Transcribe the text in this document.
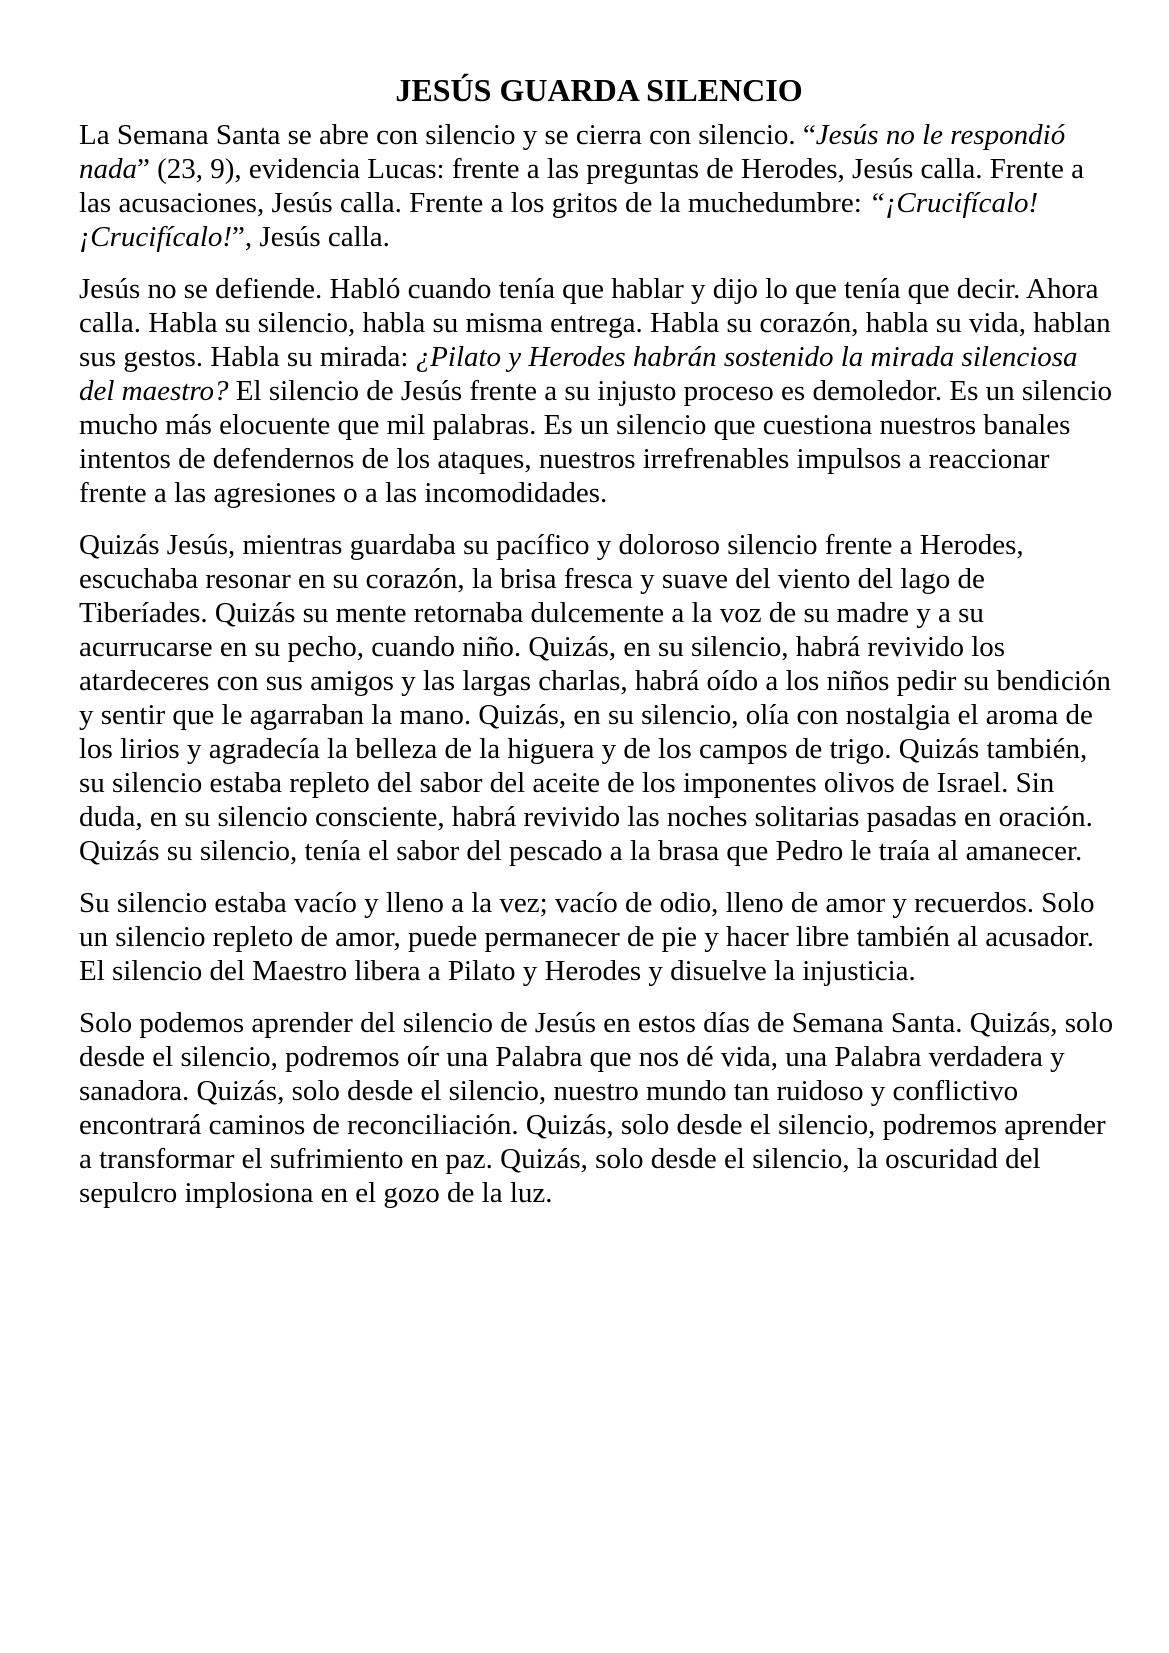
JESÚS GUARDA SILENCIO

La Semana Santa se abre con silencio y se cierra con silencio. “Jesús no le respondió nada” (23, 9), evidencia Lucas: frente a las preguntas de Herodes, Jesús calla. Frente a las acusaciones, Jesús calla. Frente a los gritos de la muchedumbre: “¡Crucifícalo! ¡Crucifícalo!”, Jesús calla.

Jesús no se defiende. Habló cuando tenía que hablar y dijo lo que tenía que decir. Ahora calla. Habla su silencio, habla su misma entrega. Habla su corazón, habla su vida, hablan sus gestos. Habla su mirada: ¿Pilato y Herodes habrán sostenido la mirada silenciosa del maestro? El silencio de Jesús frente a su injusto proceso es demoledor. Es un silencio mucho más elocuente que mil palabras. Es un silencio que cuestiona nuestros banales intentos de defendernos de los ataques, nuestros irrefrenables impulsos a reaccionar frente a las agresiones o a las incomodidades.

Quizás Jesús, mientras guardaba su pacífico y doloroso silencio frente a Herodes, escuchaba resonar en su corazón, la brisa fresca y suave del viento del lago de Tiberíades. Quizás su mente retornaba dulcemente a la voz de su madre y a su acurrucarse en su pecho, cuando niño. Quizás, en su silencio, habrá revivido los atardeceres con sus amigos y las largas charlas, habrá oído a los niños pedir su bendición y sentir que le agarraban la mano. Quizás, en su silencio, olía con nostalgia el aroma de los lirios y agradecía la belleza de la higuera y de los campos de trigo. Quizás también, su silencio estaba repleto del sabor del aceite de los imponentes olivos de Israel. Sin duda, en su silencio consciente, habrá revivido las noches solitarias pasadas en oración. Quizás su silencio, tenía el sabor del pescado a la brasa que Pedro le traía al amanecer.

Su silencio estaba vacío y lleno a la vez; vacío de odio, lleno de amor y recuerdos. Solo un silencio repleto de amor, puede permanecer de pie y hacer libre también al acusador. El silencio del Maestro libera a Pilato y Herodes y disuelve la injusticia.

Solo podemos aprender del silencio de Jesús en estos días de Semana Santa. Quizás, solo desde el silencio, podremos oír una Palabra que nos dé vida, una Palabra verdadera y sanadora. Quizás, solo desde el silencio, nuestro mundo tan ruidoso y conflictivo encontrará caminos de reconciliación. Quizás, solo desde el silencio, podremos aprender a transformar el sufrimiento en paz. Quizás, solo desde el silencio, la oscuridad del sepulcro implosiona en el gozo de la luz.
